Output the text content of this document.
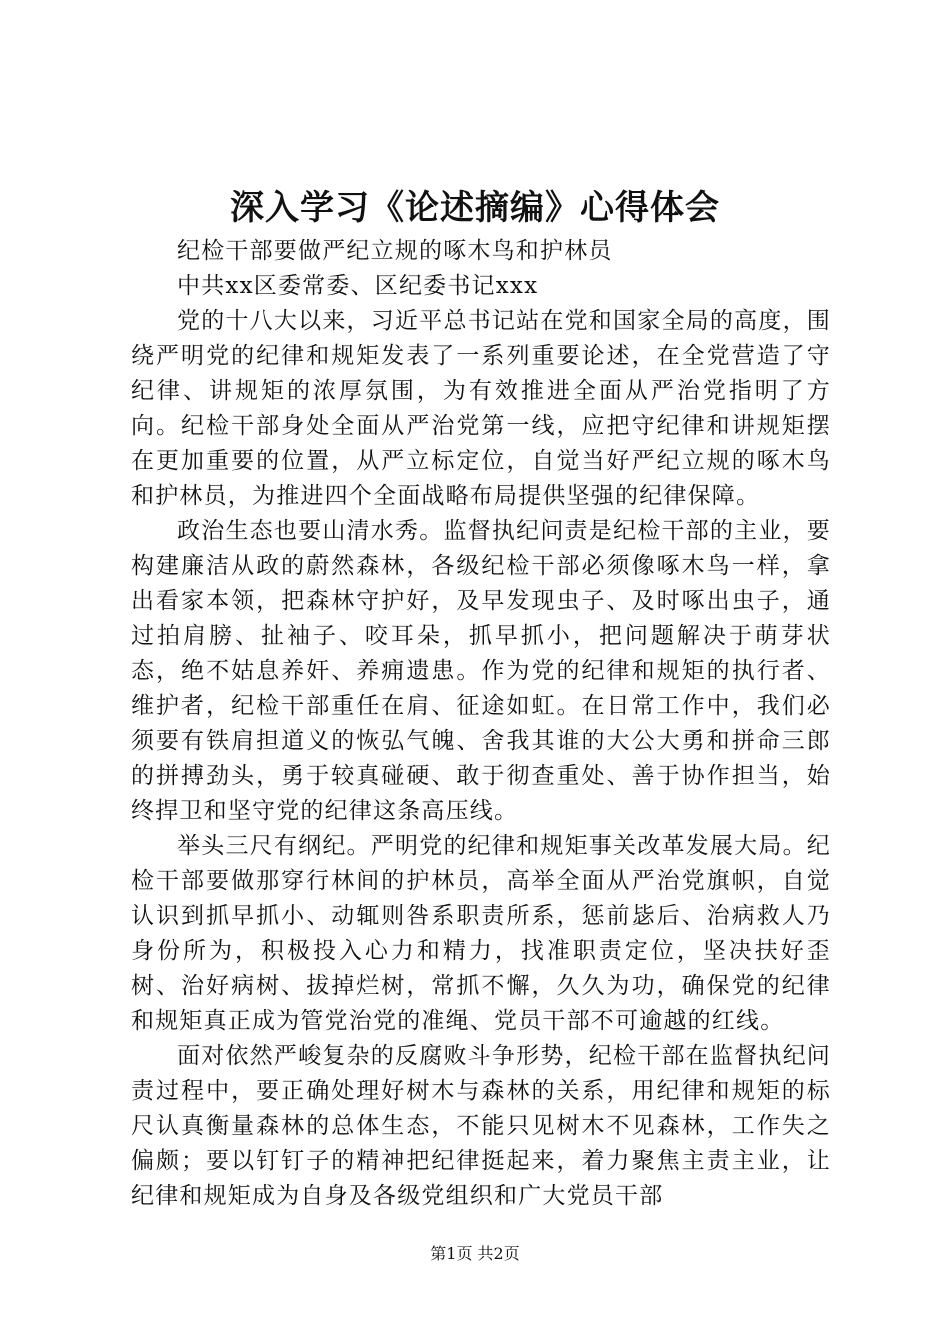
深入学习《论述摘编》心得体会

纪检干部要做严纪立规的啄木鸟和护林员

中共xx区委常委、区纪委书记xxx

党的十八大以来，习近平总书记站在党和国家全局的高度，围绕严明党的纪律和规矩发表了一系列重要论述，在全党营造了守纪律、讲规矩的浓厚氛围，为有效推进全面从严治党指明了方向。纪检干部身处全面从严治党第一线，应把守纪律和讲规矩摆在更加重要的位置，从严立标定位，自觉当好严纪立规的啄木鸟和护林员，为推进四个全面战略布局提供坚强的纪律保障。

政治生态也要山清水秀。监督执纪问责是纪检干部的主业，要构建廉洁从政的蔚然森林，各级纪检干部必须像啄木鸟一样，拿出看家本领，把森林守护好，及早发现虫子、及时啄出虫子，通过拍肩膀、扯袖子、咬耳朵，抓早抓小，把问题解决于萌芽状态，绝不姑息养奸、养痈遗患。作为党的纪律和规矩的执行者、维护者，纪检干部重任在肩、征途如虹。在日常工作中，我们必须要有铁肩担道义的恢弘气魄、舍我其谁的大公大勇和拼命三郎的拼搏劲头，勇于较真碰硬、敢于彻查重处、善于协作担当，始终捍卫和坚守党的纪律这条高压线。

举头三尺有纲纪。严明党的纪律和规矩事关改革发展大局。纪检干部要做那穿行林间的护林员，高举全面从严治党旗帜，自觉认识到抓早抓小、动辄则咎系职责所系，惩前毖后、治病救人乃身份所为，积极投入心力和精力，找准职责定位，坚决扶好歪树、治好病树、拔掉烂树，常抓不懈，久久为功，确保党的纪律和规矩真正成为管党治党的准绳、党员干部不可逾越的红线。

面对依然严峻复杂的反腐败斗争形势，纪检干部在监督执纪问责过程中，要正确处理好树木与森林的关系，用纪律和规矩的标尺认真衡量森林的总体生态，不能只见树木不见森林，工作失之偏颇；要以钉钉子的精神把纪律挺起来，着力聚焦主责主业，让纪律和规矩成为自身及各级党组织和广大党员干部

第1页 共2页
